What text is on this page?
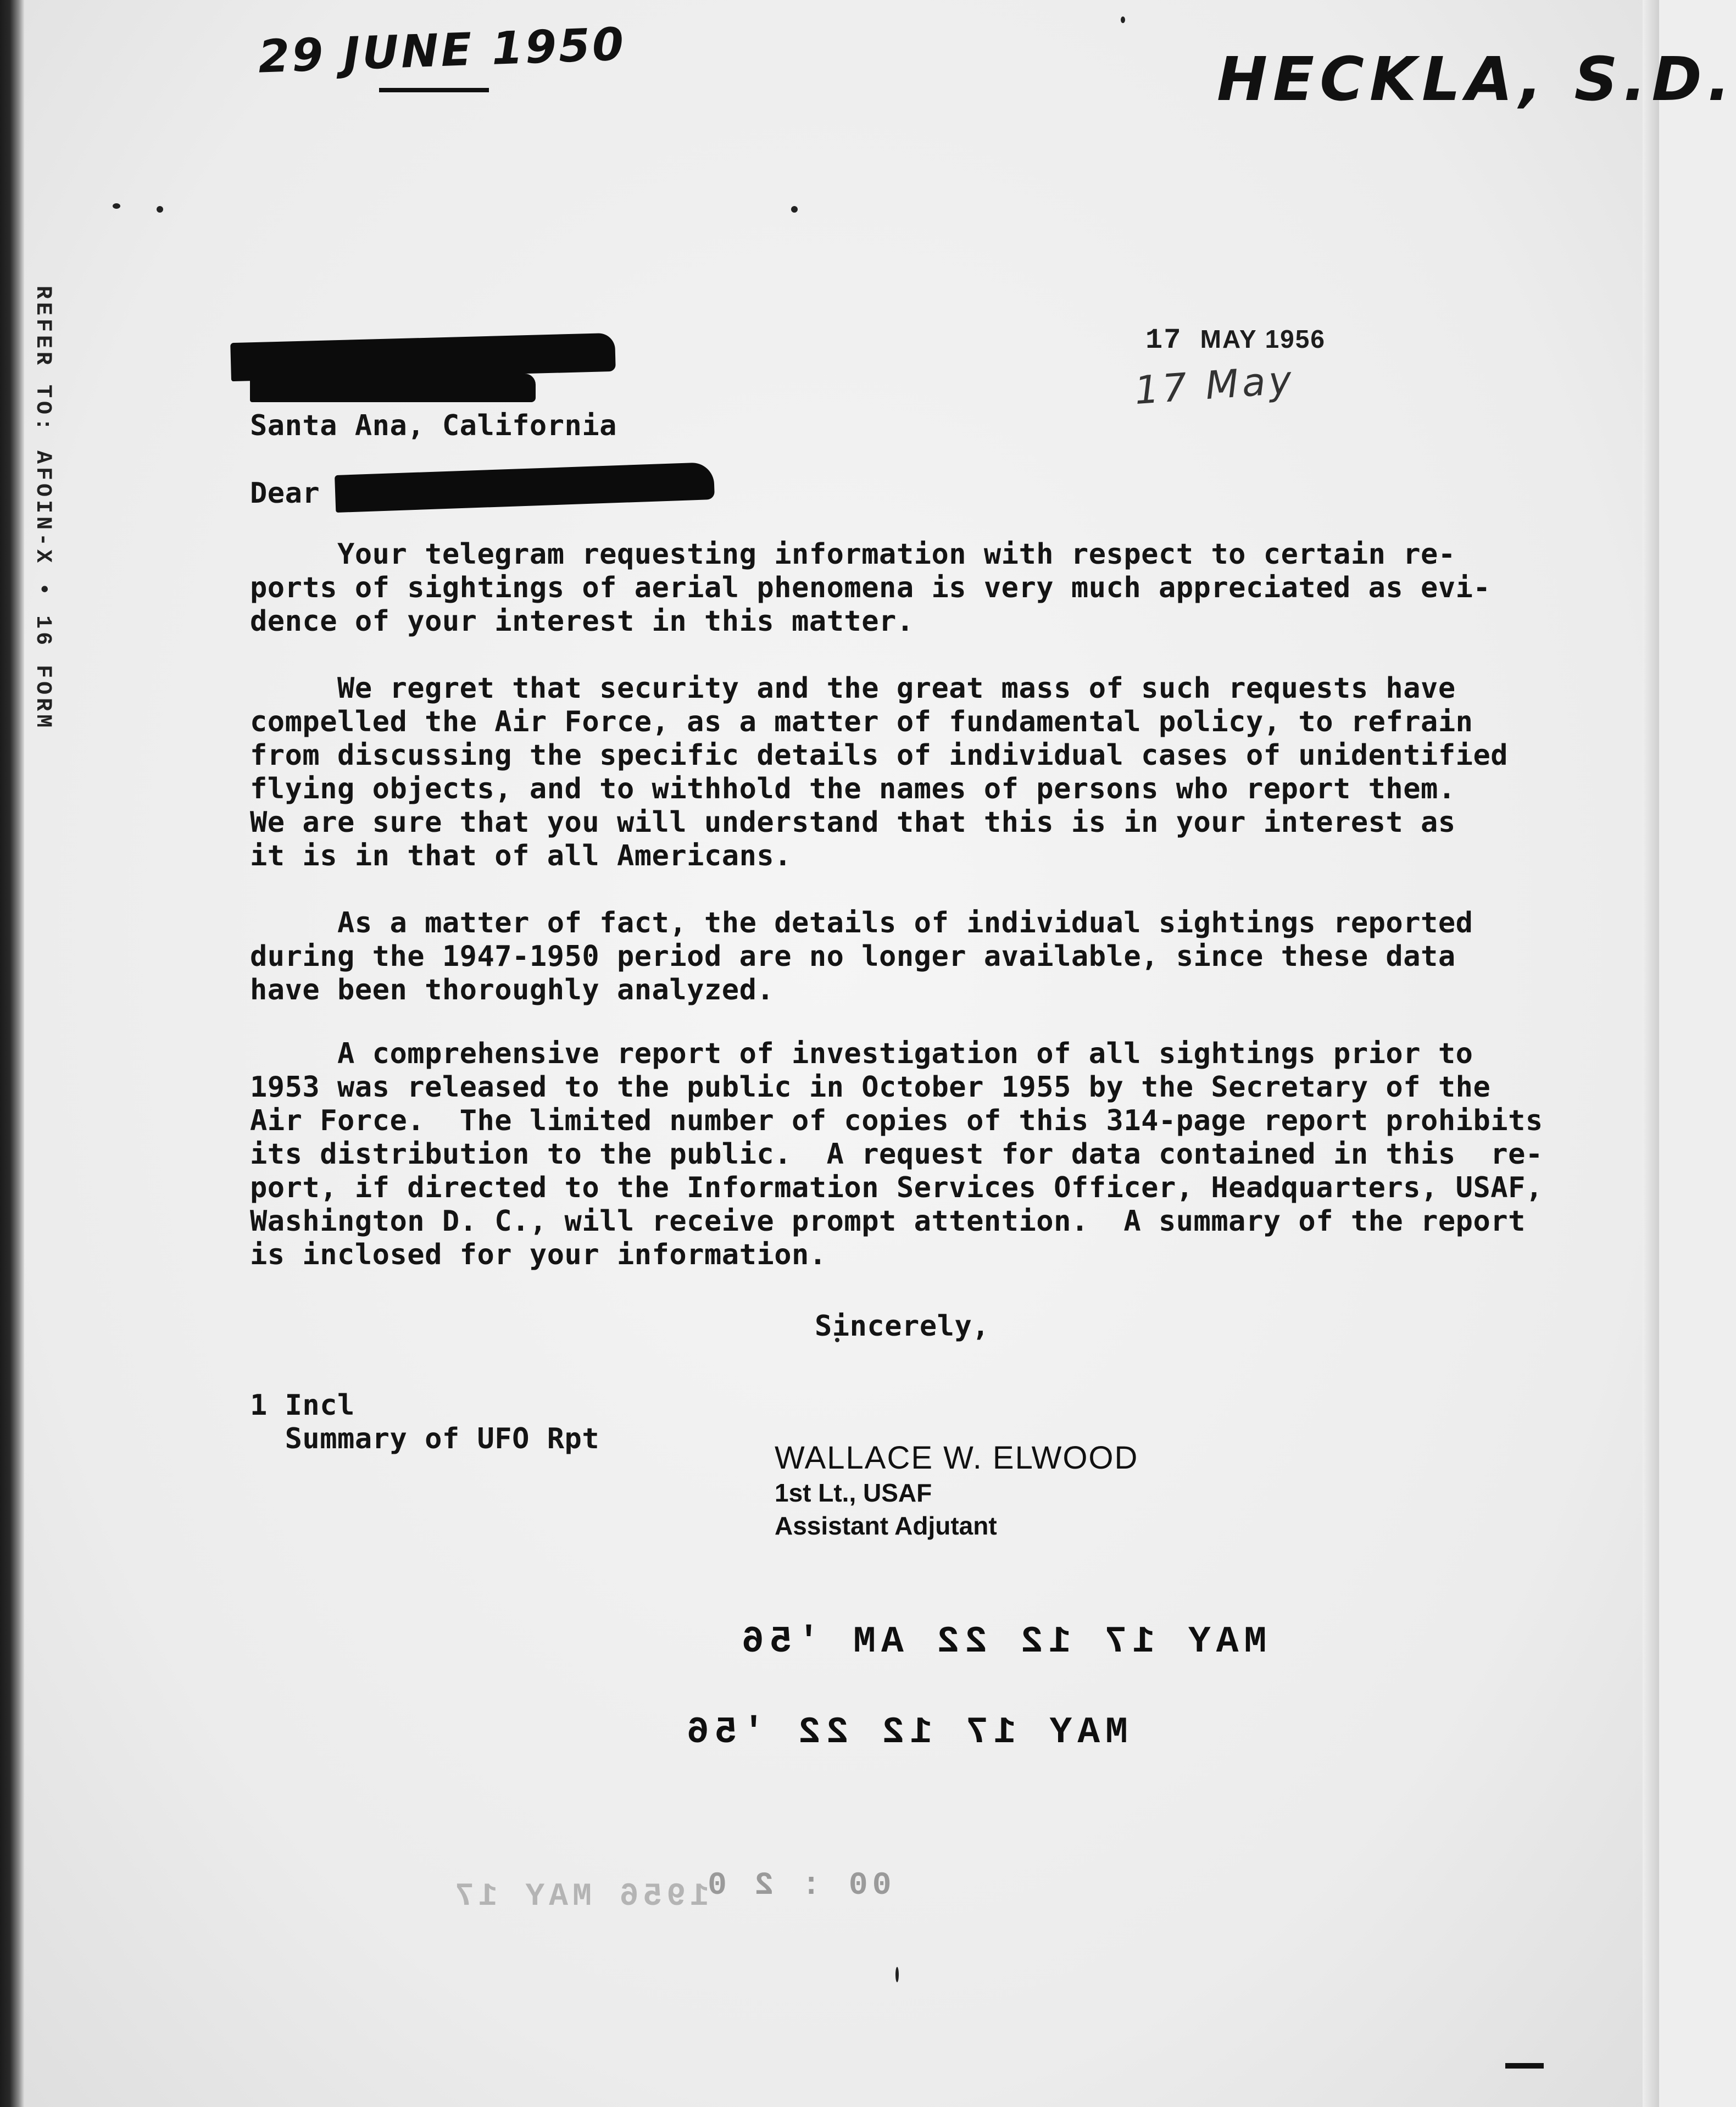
29 JUNE 1950	HECKLA, S.D.
REFER TO: AFOIN-X • 16 FORM	17 MAY 1956
17 May
Santa Ana, California
Dear
Your telegram requesting information with respect to certain re-
ports of sightings of aerial phenomena is very much appreciated as evi-
dence of your interest in this matter.
We regret that security and the great mass of such requests have
compelled the Air Force, as a matter of fundamental policy, to refrain
from discussing the specific details of individual cases of unidentified
flying objects, and to withhold the names of persons who report them.
We are sure that you will understand that this is in your interest as
it is in that of all Americans.
As a matter of fact, the details of individual sightings reported
during the 1947-1950 period are no longer available, since these data
have been thoroughly analyzed.
A comprehensive report of investigation of all sightings prior to
1953 was released to the public in October 1955 by the Secretary of the
Air Force.  The limited number of copies of this 314-page report prohibits
its distribution to the public.  A request for data contained in this  re-
port, if directed to the Information Services Officer, Headquarters, USAF,
Washington D. C., will receive prompt attention.  A summary of the report
is inclosed for your information.
Sincerely,
1 Incl
Summary of UFO Rpt
WALLACE W. ELWOOD
1st Lt., USAF
Assistant Adjutant
MAY 17 12 22 AM '56
MAY 17 12 22 '56
1956 MAY 17
00 : 2 0
